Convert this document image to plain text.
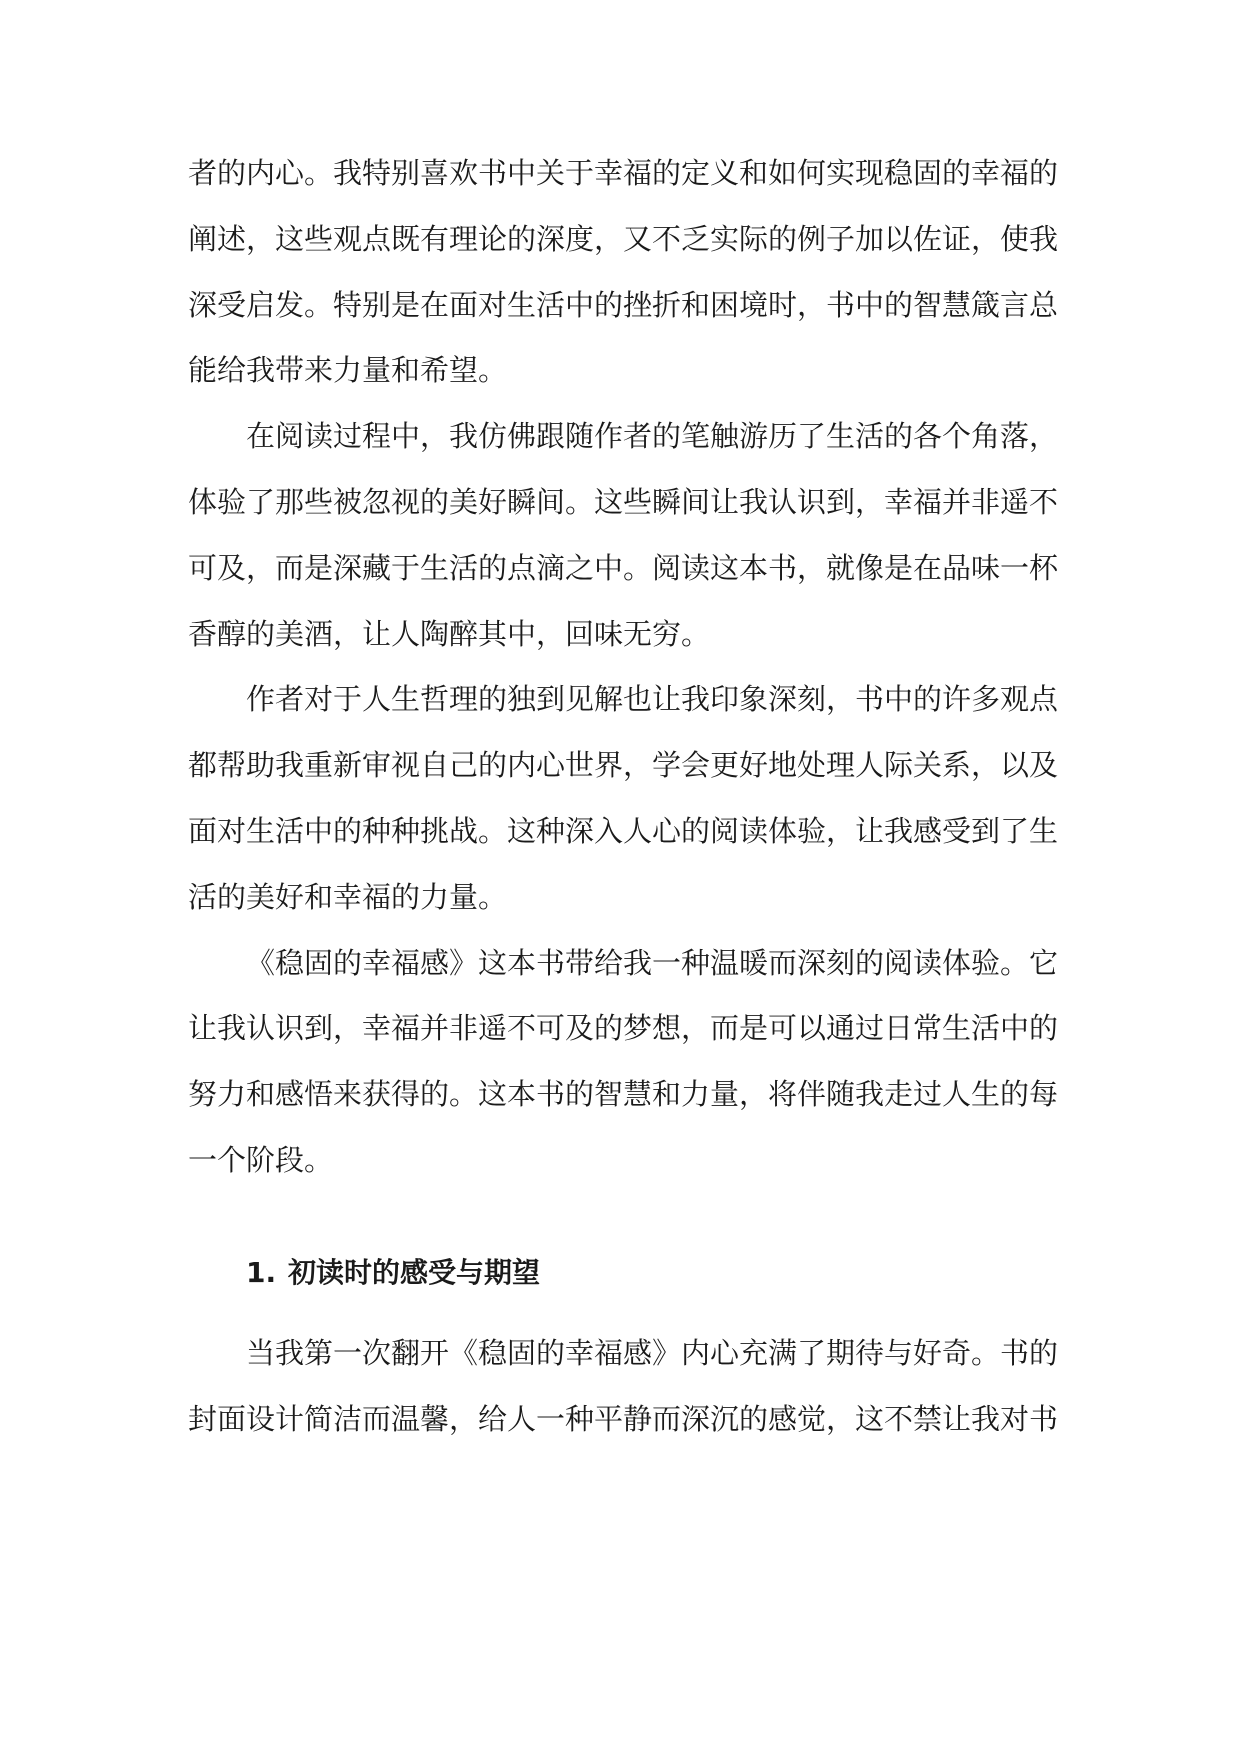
者的内心。我特别喜欢书中关于幸福的定义和如何实现稳固的幸福的
阐述，这些观点既有理论的深度，又不乏实际的例子加以佐证，使我
深受启发。特别是在面对生活中的挫折和困境时，书中的智慧箴言总
能给我带来力量和希望。
在阅读过程中，我仿佛跟随作者的笔触游历了生活的各个角落，
体验了那些被忽视的美好瞬间。这些瞬间让我认识到，幸福并非遥不
可及，而是深藏于生活的点滴之中。阅读这本书，就像是在品味一杯
香醇的美酒，让人陶醉其中，回味无穷。
作者对于人生哲理的独到见解也让我印象深刻，书中的许多观点
都帮助我重新审视自己的内心世界，学会更好地处理人际关系，以及
面对生活中的种种挑战。这种深入人心的阅读体验，让我感受到了生
活的美好和幸福的力量。
《稳固的幸福感》这本书带给我一种温暖而深刻的阅读体验。它
让我认识到，幸福并非遥不可及的梦想，而是可以通过日常生活中的
努力和感悟来获得的。这本书的智慧和力量，将伴随我走过人生的每
一个阶段。
1. 初读时的感受与期望
当我第一次翻开《稳固的幸福感》内心充满了期待与好奇。书的
封面设计简洁而温馨，给人一种平静而深沉的感觉，这不禁让我对书
